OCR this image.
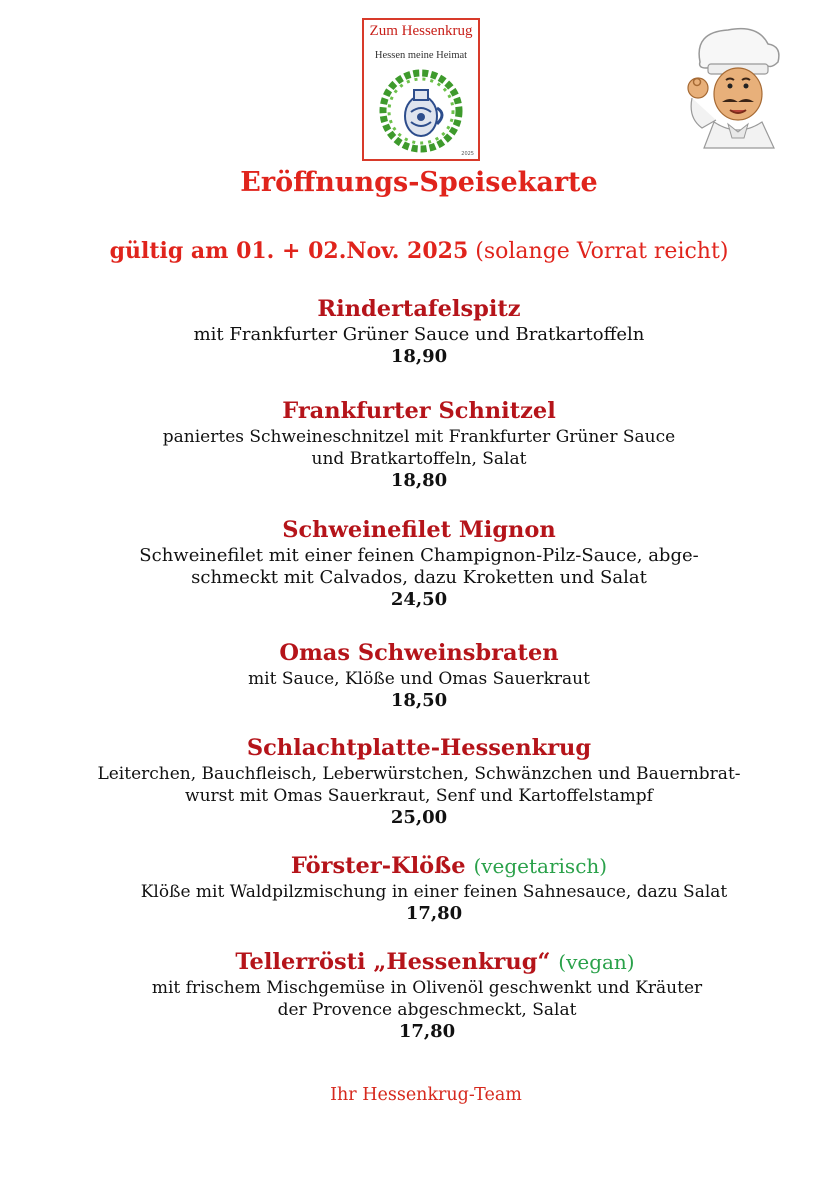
Zum Hessenkrug
Hessen meine Heimat
2025
Eröffnungs-Speisekarte
gültig am 01. + 02.Nov. 2025 (solange Vorrat reicht)
Rindertafelspitz
mit Frankfurter Grüner Sauce und Bratkartoffeln
18,90
Frankfurter Schnitzel
paniertes Schweineschnitzel mit Frankfurter Grüner Sauce
und Bratkartoffeln, Salat
18,80
Schweinefilet Mignon
Schweinefilet mit einer feinen Champignon-Pilz-Sauce, abge-
schmeckt mit Calvados, dazu Kroketten und Salat
24,50
Omas Schweinsbraten
mit Sauce, Klöße und Omas Sauerkraut
18,50
Schlachtplatte-Hessenkrug
Leiterchen, Bauchfleisch, Leberwürstchen, Schwänzchen und Bauernbrat-
wurst mit Omas Sauerkraut, Senf und Kartoffelstampf
25,00
Förster-Klöße (vegetarisch)
Klöße mit Waldpilzmischung in einer feinen Sahnesauce, dazu Salat
17,80
Tellerrösti „Hessenkrug“ (vegan)
mit frischem Mischgemüse in Olivenöl geschwenkt und Kräuter
der Provence abgeschmeckt, Salat
17,80
Ihr Hessenkrug-Team
